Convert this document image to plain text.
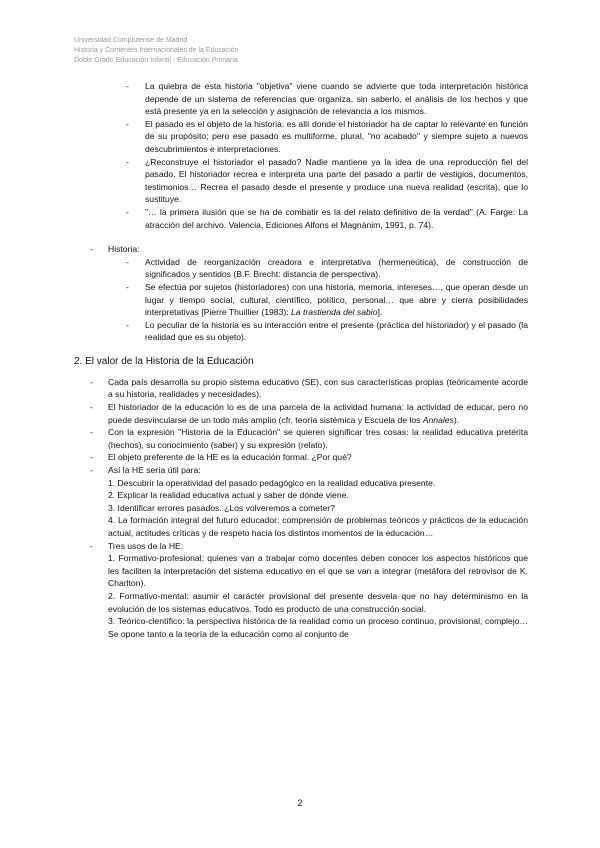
Universidad Complutense de Madrid
Historia y Corrientes Internacionales de la Educación
Doble Grado Educación Infantil - Educación Primaria
- La quiebra de esta historia "objetiva" viene cuando se advierte que toda interpretación histórica depende de un sistema de referencias que organiza, sin saberlo, el análisis de los hechos y que está presente ya en la selección y asignación de relevancia a los mismos.
- El pasado es el objeto de la historia: es allí donde el historiador ha de captar lo relevante en función de su propósito; pero ese pasado es multiforme, plural, "no acabado" y siempre sujeto a nuevos descubrimientos e interpretaciones.
- ¿Reconstruye el historiador el pasado? Nadie mantiene ya la idea de una reproducción fiel del pasado. El historiador recrea e interpreta una parte del pasado a partir de vestigios, documentos, testimonios… Recrea el pasado desde el presente y produce una nueva realidad (escrita), que lo sustituye.
- "… la primera ilusión que se ha de combatir es la del relato definitivo de la verdad" (A. Farge: La atracción del archivo. Valencia, Ediciones Alfons el Magnànim, 1991, p. 74).
- Historia:
- Actividad de reorganización creadora e interpretativa (hermeneútica), de construcción de significados y sentidos (B.F. Brecht: distancia de perspectiva).
- Se efectúa por sujetos (historiadores) con una historia, memoria, intereses…, que operan desde un lugar y tiempo social, cultural, científico, político, personal… que abre y cierra posibilidades interpretativas [Pierre Thuillier (1983): La trastienda del sabio].
- Lo peculiar de la historia es su interacción entre el presente (práctica del historiador) y el pasado (la realidad que es su objeto).
2. El valor de la Historia de la Educación
- Cada país desarrolla su propio sistema educativo (SE), con sus características propias (teóricamente acorde a su historia, realidades y necesidades).
- El historiador de la educación lo es de una parcela de la actividad humana: la actividad de educar, pero no puede desvincularse de un todo más amplio (cfr. teoría sistémica y Escuela de los Annales).
- Con la expresión "Historia de la Educación" se quieren significar tres cosas: la realidad educativa pretérita (hechos), su conocimiento (saber) y su expresión (relato).
- El objeto preferente de la HE es la educación formal. ¿Por qué?
- Así la HE sería útil para:
1. Descubrir la operatividad del pasado pedagógico en la realidad educativa presente.
2. Explicar la realidad educativa actual y saber de dónde viene.
3. Identificar errores pasados. ¿Los volveremos a cometer?
4. La formación integral del futuro educador: comprensión de problemas teóricos y prácticos de la educación actual, actitudes críticas y de respeto hacia los distintos momentos de la educación…
- Tres usos de la HE:
1. Formativo-profesional: quienes van a trabajar como docentes deben conocer los aspectos históricos que les faciliten la interpretación del sistema educativo en el que se van a integrar (metáfora del retrovisor de K. Charlton).
2. Formativo-mental: asumir el carácter provisional del presente desvela que no hay determinismo en la evolución de los sistemas educativos. Todo es producto de una construcción social.
3. Teórico-científico: la perspectiva histórica de la realidad como un proceso continuo, provisional, complejo… Se opone tanto a la teoría de la educación como al conjunto de
2
